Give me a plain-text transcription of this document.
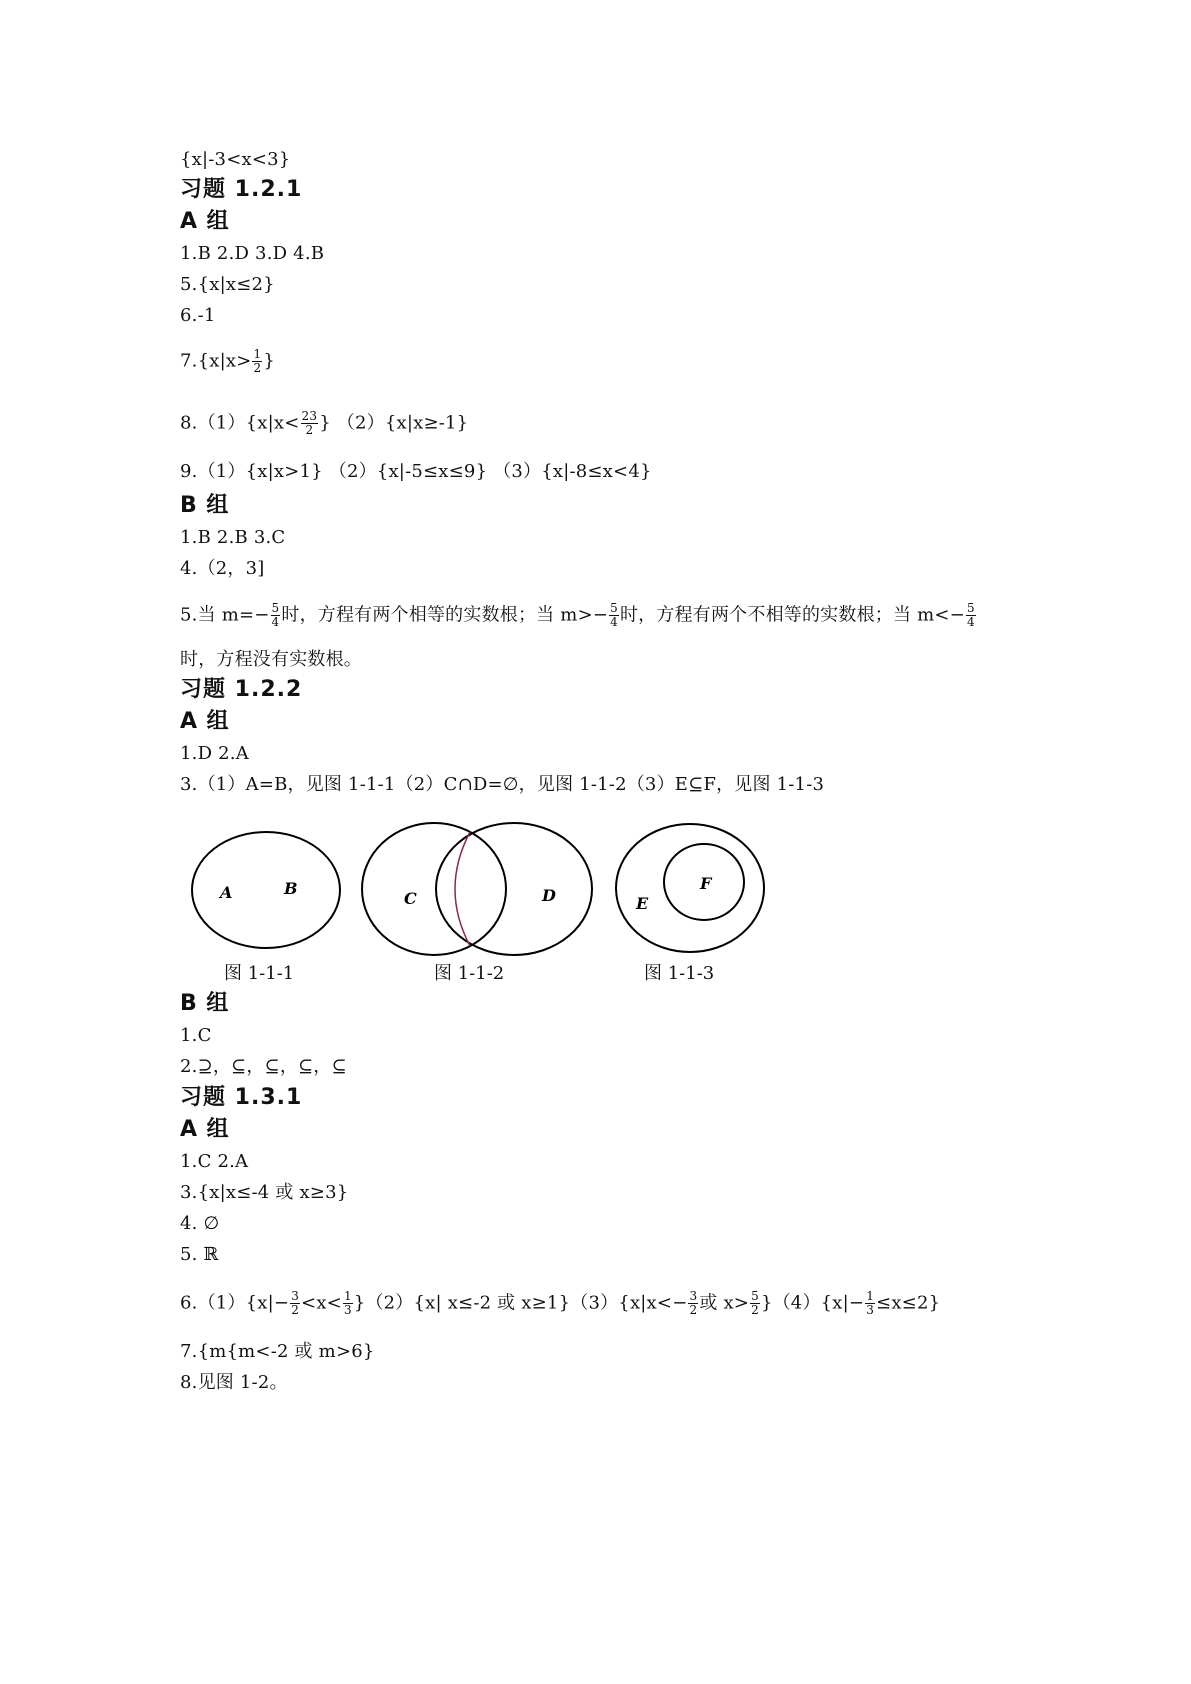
{x|-3<x<3}
习题 1.2.1
A 组
1.B 2.D 3.D 4.B
5.{x|x≤2}
6.-1
$7.\{x|x> \frac{1}{2}$ }
$8.(1)\{x|x< \frac{23}{2}$ } （2）{x|x≥-1}
9.（1）{x|x>1} （2）{x|-5≤x≤9} （3）{x|-8≤x<4}
B 组
1.B 2.B 3.C
4.（2，3]
5.当 $m=- \frac{5}{4}$ 时，方程有两个相等的实数根；当 $m>- \frac{5}{4}$ 时，方程有两个不相等的实数根；当 $m<- \frac{5}{4}$
时，方程没有实数根。
习题 1.2.2
A 组
1.D 2.A
3.（1）A=B，见图 1-1-1（2）C∩D=∅，见图 1-1-2（3）E⊆F，见图 1-1-3
A	B
C	D	E
F
图 1-1-1	图 1-1-2	图 1-1-3
B 组
1.C
2.⊇，⊆，⊆，⊆，⊆
习题 1.3.1
A 组
1.C 2.A
3.{x|x≤-4 或 x≥3}
4. ∅
5. ℝ
$6.(1)\{x|- \frac{3}{2} <x< \frac{1}{3} \}(2)\{x|$ x≤-2 或 $x\ge 1\}(3)\{x|x<- \frac{3}{2}$ 或 $x> \frac{5}{2} \}(4)\{x|- \frac{1}{3} \le x\le 2\}$
7.{m{m<-2 或 m>6}
8.见图 1-2。
